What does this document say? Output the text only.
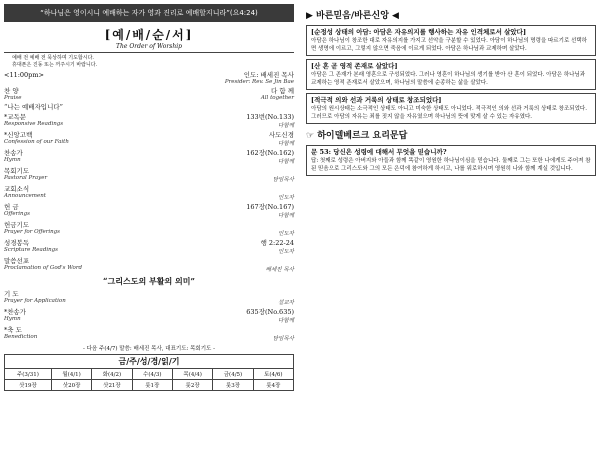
“하나님은 영이시니 예배하는 자가 영과 진리로 예배할지니라”(요4:24)
[예/배/순/서]
The Order of Worship
예배 전 예배 전 묵상하며 기도합시다.
휴대폰은 진동 또는 꺼주시기 바랍니다.
<11:00pm>	인도: 배세진 목사
Presider: Rev. Se Jin Bae
찬 양	다 함 께
Praise	All together
“나는 예배자입니다”
*교독문	133번(No.133)
Responsive Readings	다함께
*신앙고백	사도신경
Confession of our Faith	다함께
찬송가	162장(No.162)
Hymn	다함께
목회기도
Pastoral Prayer	담임목사
교회소식
Announcement	인도자
헌 금	167장(No.167)
Offerings	다함께
헌금기도
Prayer for Offerings	인도자
성경봉독	행 2:22-24
Scripture Readings	인도자
말씀선포
Proclamation of God's Word	배세진 목사
“그리스도의 부활의 의미”
기 도
Prayer for Application	설교자
*찬송가	635장(No.635)
Hymn	다함께
*축 도
Benediction	담임목사
- 다음 주(4/7) 말씀: 배세진 목사, 대표기도: 목회기도 -
금/주/성/경/읽/기
주(3/31)	월(4/1)	화(4/2)	수(4/3)	목(4/4)	금(4/5)	토(4/6)
삿19장	삿20장	삿21장	룻1장	룻2장	룻3장	룻4장
▶ 바른믿음/바른신앙 ◀
[순정성 상태의 아담: 아담은 자유의지를 행사하는 자유 인격체로서 살았다]
아담은 하나님이 창조한 대로 자유의지를 가지고 선악을 구분할 수 있었다. 아담이 하나님의 명령을 따르기로 선택하면 생명에 이르고, 그렇지 않으면 죽음에 이르게 되었다. 아담은 하나님과 교제하며 살았다.
[산 혼 곧 영적 존재로 살았다]
아담은 그 존재가 본래 영혼으로 구성되었다. 그러나 영혼이 하나님의 생기를 받아 산 혼이 되었다. 아담은 하나님과 교제하는 영적 존재로서 살았으며, 하나님의 말씀에 순종하는 삶을 살았다.
[적극적 의와 선과 거룩의 상태로 창조되었다]
아담의 원시상태는 소극적인 상태도 아니고 미숙한 상태도 아니었다. 적극적인 의와 선과 거룩의 상태로 창조되었다. 그러므로 아담의 자유는 죄를 짓지 않을 자유였으며 하나님의 뜻에 맞게 살 수 있는 자유였다.
☞ 하이델베르크 요리문답
문 53: 당신은 성령에 대해서 무엇을 믿습니까?
답: 첫째로 성령은 아버지와 아들과 함께 똑같이 영원한 하나님이심을 믿습니다. 둘째로 그는 또한 나에게도 주어져 참된 믿음으로 그리스도와 그의 모든 은덕에 참여하게 하시고, 나를 위로하시며 영원히 나와 함께 계실 것입니다.
